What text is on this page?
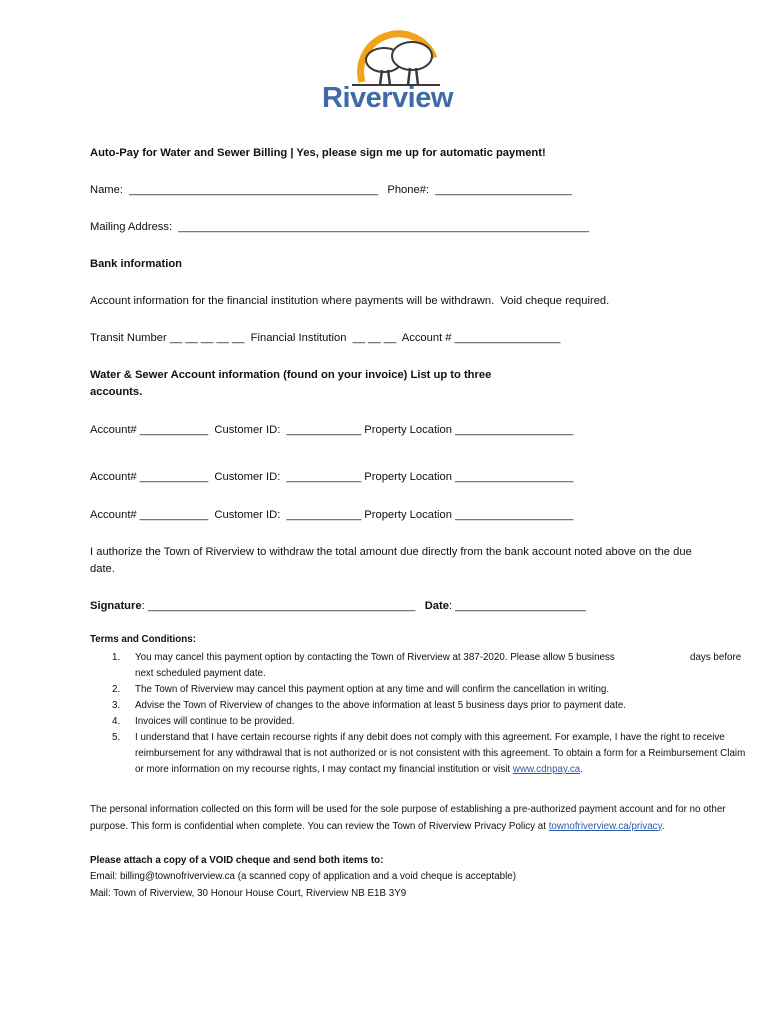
Riverview
Auto-Pay for Water and Sewer Billing | Yes, please sign me up for automatic payment!
Name:  ________________________________________   Phone#:  ______________________
Mailing Address:  __________________________________________________________________
Bank information
Account information for the financial institution where payments will be withdrawn.  Void cheque required.
Transit Number __ __ __ __ __  Financial Institution  __ __ __  Account # _________________
Water & Sewer Account information (found on your invoice) List up to three
accounts.
Account# ___________  Customer ID:  ____________ Property Location ___________________
Account# ___________  Customer ID:  ____________ Property Location ___________________
Account# ___________  Customer ID:  ____________ Property Location ___________________
I authorize the Town of Riverview to withdraw the total amount due directly from the bank account noted above on the due
date.
Signature: ___________________________________________   Date: _____________________
Terms and Conditions:
1. You may cancel this payment option by contacting the Town of Riverview at 387-2020. Please allow 5 business	days before

next scheduled payment date.
2. The Town of Riverview may cancel this payment option at any time and will confirm the cancellation in writing.
3. Advise the Town of Riverview of changes to the above information at least 5 business days prior to payment date.
4. Invoices will continue to be provided.
5. I understand that I have certain recourse rights if any debit does not comply with this agreement. For example, I have the right to receive reimbursement for any withdrawal that is not authorized or is not consistent with this agreement. To obtain a form for a Reimbursement Claim or more information on my recourse rights, I may contact my financial institution or visit www.cdnpay.ca.
The personal information collected on this form will be used for the sole purpose of establishing a pre-authorized payment account and for no other purpose. This form is confidential when complete. You can review the Town of Riverview Privacy Policy at townofriverview.ca/privacy.
Please attach a copy of a VOID cheque and send both items to:
Email: billing@townofriverview.ca (a scanned copy of application and a void cheque is acceptable)
Mail: Town of Riverview, 30 Honour House Court, Riverview NB E1B 3Y9
